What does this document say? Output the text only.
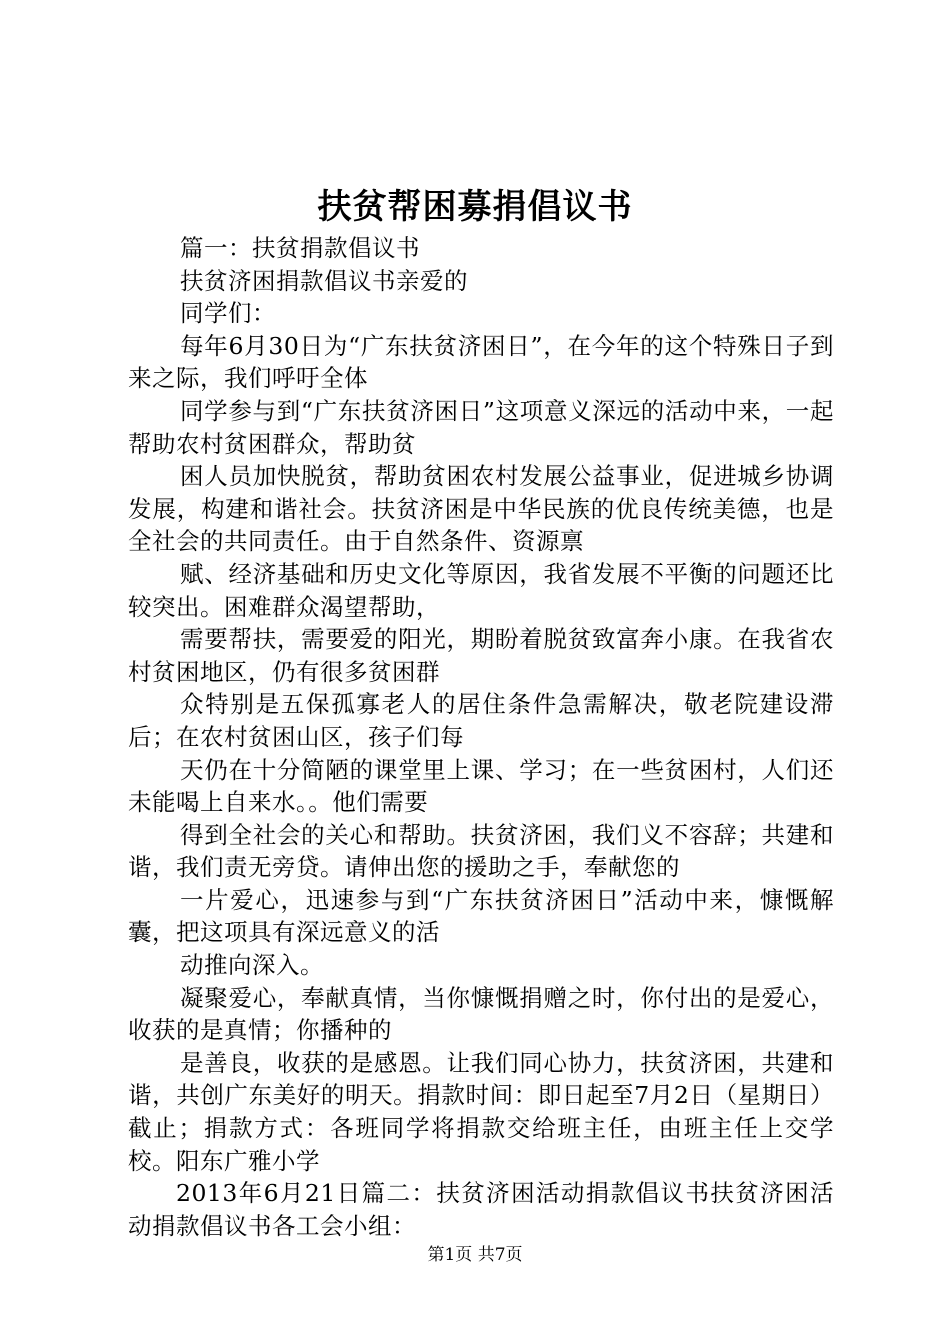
扶贫帮困募捐倡议书

篇一：扶贫捐款倡议书

扶贫济困捐款倡议书亲爱的

同学们：

每年6月30日为“广东扶贫济困日”，在今年的这个特殊日子到来之际，我们呼吁全体

同学参与到“广东扶贫济困日”这项意义深远的活动中来，一起帮助农村贫困群众，帮助贫

困人员加快脱贫，帮助贫困农村发展公益事业，促进城乡协调发展，构建和谐社会。扶贫济困是中华民族的优良传统美德，也是全社会的共同责任。由于自然条件、资源禀

赋、经济基础和历史文化等原因，我省发展不平衡的问题还比较突出。困难群众渴望帮助，

需要帮扶，需要爱的阳光，期盼着脱贫致富奔小康。在我省农村贫困地区，仍有很多贫困群

众特别是五保孤寡老人的居住条件急需解决，敬老院建设滞后；在农村贫困山区，孩子们每

天仍在十分简陋的课堂里上课、学习；在一些贫困村，人们还未能喝上自来水。。他们需要

得到全社会的关心和帮助。扶贫济困，我们义不容辞；共建和谐，我们责无旁贷。请伸出您的援助之手，奉献您的

一片爱心，迅速参与到“广东扶贫济困日”活动中来，慷慨解囊，把这项具有深远意义的活

动推向深入。

凝聚爱心，奉献真情，当你慷慨捐赠之时，你付出的是爱心，收获的是真情；你播种的

是善良，收获的是感恩。让我们同心协力，扶贫济困，共建和谐，共创广东美好的明天。捐款时间：即日起至7月2日（星期日）截止；捐款方式：各班同学将捐款交给班主任，由班主任上交学校。阳东广雅小学

2013年6月21日篇二：扶贫济困活动捐款倡议书扶贫济困活动捐款倡议书各工会小组：

第1页 共7页
